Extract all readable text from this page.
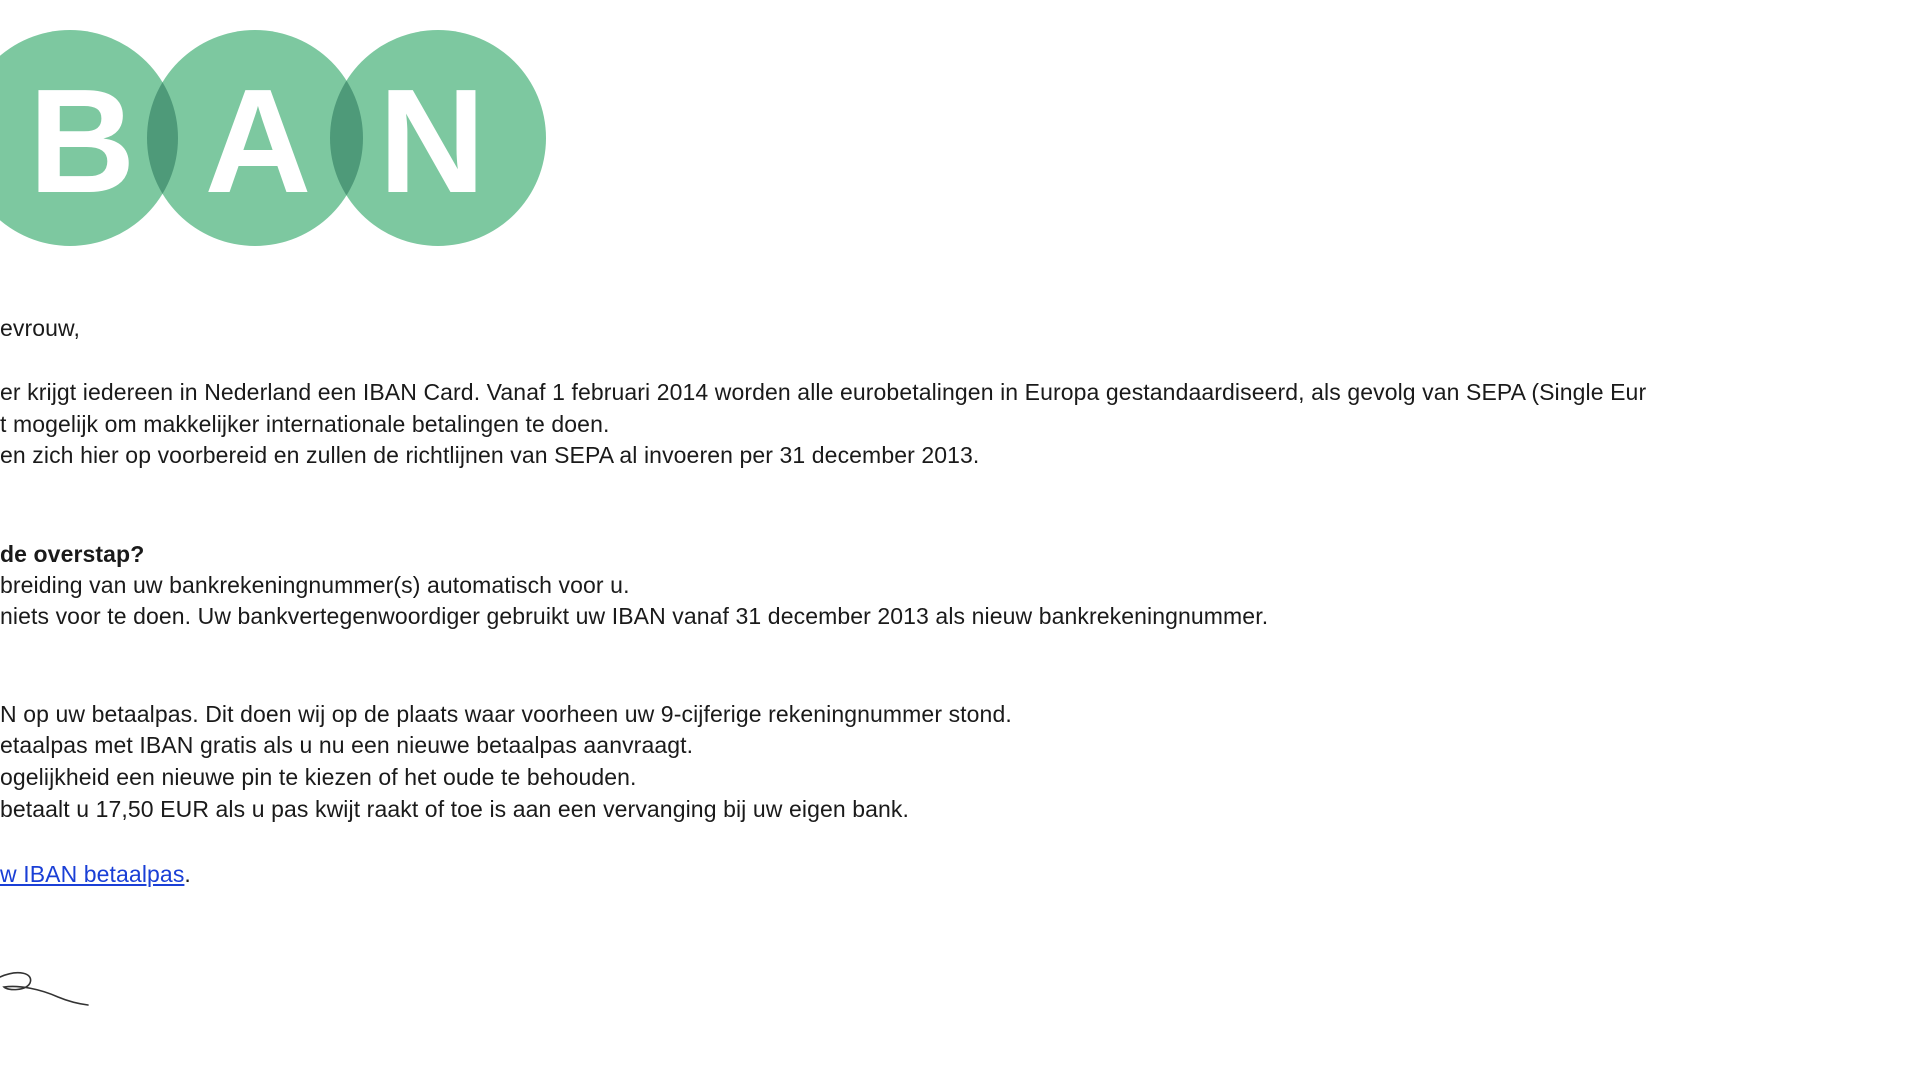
B A N
evrouw,
er krijgt iedereen in Nederland een IBAN Card. Vanaf 1 februari 2014 worden alle eurobetalingen in Europa gestandaardiseerd, als gevolg van SEPA (Single Eur
t mogelijk om makkelijker internationale betalingen te doen.
en zich hier op voorbereid en zullen de richtlijnen van SEPA al invoeren per 31 december 2013.
de overstap?
breiding van uw bankrekeningnummer(s) automatisch voor u.
niets voor te doen. Uw bankvertegenwoordiger gebruikt uw IBAN vanaf 31 december 2013 als nieuw bankrekeningnummer.
N op uw betaalpas. Dit doen wij op de plaats waar voorheen uw 9-cijferige rekeningnummer stond.
etaalpas met IBAN gratis als u nu een nieuwe betaalpas aanvraagt.
ogelijkheid een nieuwe pin te kiezen of het oude te behouden.
betaalt u 17,50 EUR als u pas kwijt raakt of toe is aan een vervanging bij uw eigen bank.
w IBAN betaalpas.
